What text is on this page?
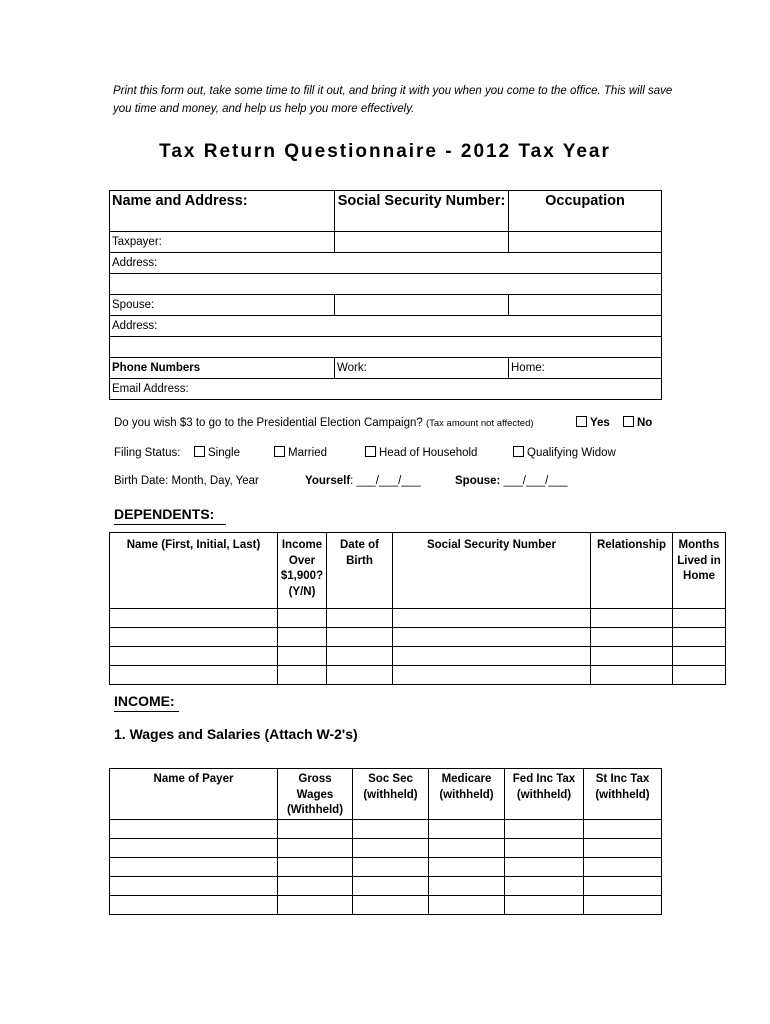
Print this form out, take some time to fill it out, and bring it with you when you come to the office. This will save you time and money, and help us help you more effectively.
Tax Return Questionnaire - 2012 Tax Year
Name and Address:	Social Security Number:	Occupation
Taxpayer:		
Address:		

Spouse:		
Address:		

Phone Numbers	Work:	Home:
Email Address:		
Do you wish $3 to go to the Presidential Election Campaign? (Tax amount not affected)	Yes	No
Filing Status:	Single	Married	Head of Household	Qualifying Widow
Birth Date: Month, Day, Year	Yourself: ___/___/___	Spouse: ___/___/___
DEPENDENTS:
Name (First, Initial, Last)	Income Over $1,900? (Y/N)	Date of Birth	Social Security Number	Relationship	Months Lived in Home

INCOME:
1. Wages and Salaries (Attach W-2's)
Name of Payer	Gross Wages (Withheld)	Soc Sec (withheld)	Medicare (withheld)	Fed Inc Tax (withheld)	St Inc Tax (withheld)
